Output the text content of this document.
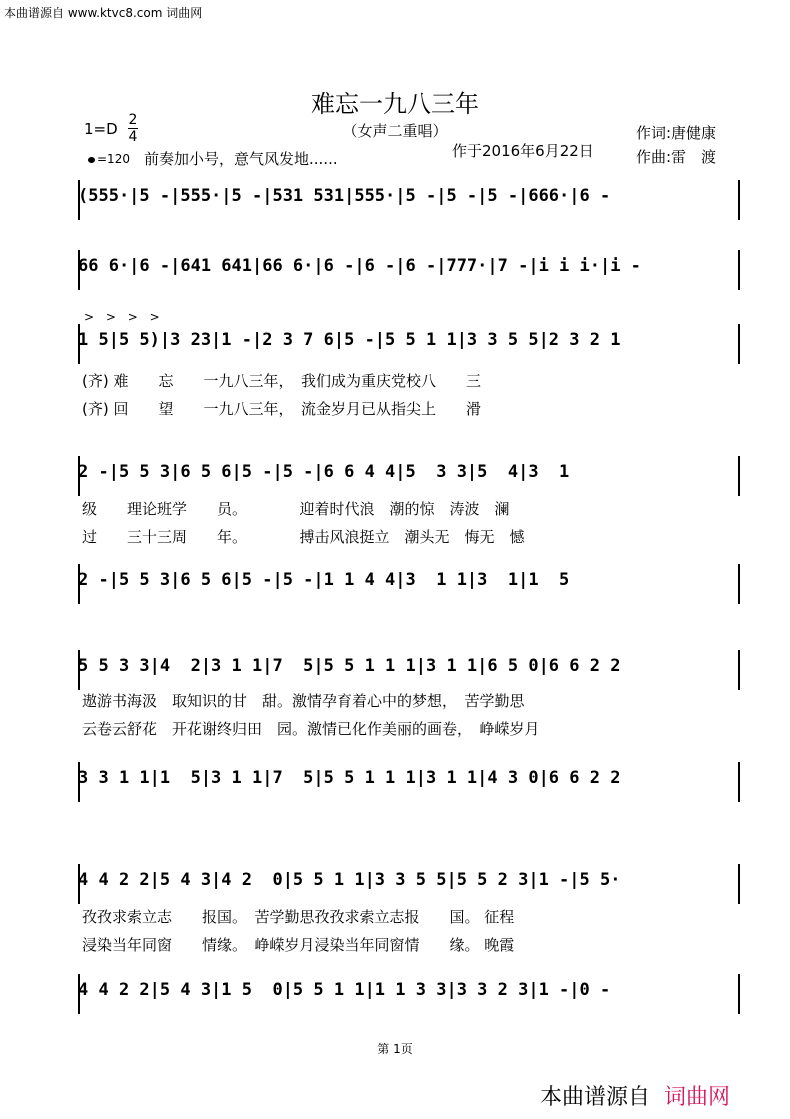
本曲谱源自 www.ktvc8.com 词曲网
难忘一九八三年
（女声二重唱）
1=D 2
4
=120 前奏加小号，意气风发地......	作于2016年6月22日
作词:唐健康
作曲:雷　渡
(555·|5 -|555·|5 -|531 531|555·|5 -|5 -|5 -|666·|6 -
66 6·|6 -|641 641|66 6·|6 -|6 -|6 -|777·|7 -|i i i·|i -
> > > >
1 5|5 5)|3 23|1 -|2 3 7 6|5 -|5 5 1 1|3 3 5 5|2 3 2 1
(齐) 难　　忘　　一九八三年，　我们成为重庆党校八　　三
(齐) 回　　望　　一九八三年，　流金岁月已从指尖上　　滑
2 -|5 5 3|6 5 6|5 -|5 -|6 6 4 4|5  3 3|5  4|3  1
级　　理论班学　　员。　　　　迎着时代浪　潮的惊　涛波　澜
过　　三十三周　　年。　　　　搏击风浪挺立　潮头无　悔无　憾
2 -|5 5 3|6 5 6|5 -|5 -|1 1 4 4|3  1 1|3  1|1  5
5 5 3 3|4  2|3 1 1|7  5|5 5 1 1 1|3 1 1|6 5 0|6 6 2 2
遨游书海汲　取知识的甘　甜。激情孕育着心中的梦想，　苦学勤思
云卷云舒花　开花谢终归田　园。激情已化作美丽的画卷，　峥嵘岁月
3 3 1 1|1  5|3 1 1|7  5|5 5 1 1 1|3 1 1|4 3 0|6 6 2 2
4 4 2 2|5 4 3|4 2  0|5 5 1 1|3 3 5 5|5 5 2 3|1 -|5 5·
孜孜求索立志　　报国。　苦学勤思孜孜求索立志报　　国。 征程
浸染当年同窗　　情缘。　峥嵘岁月浸染当年同窗情　　缘。 晚霞
4 4 2 2|5 4 3|1 5  0|5 5 1 1|1 1 3 3|3 3 2 3|1 -|0 -
第 1页
本曲谱源自 词曲网
